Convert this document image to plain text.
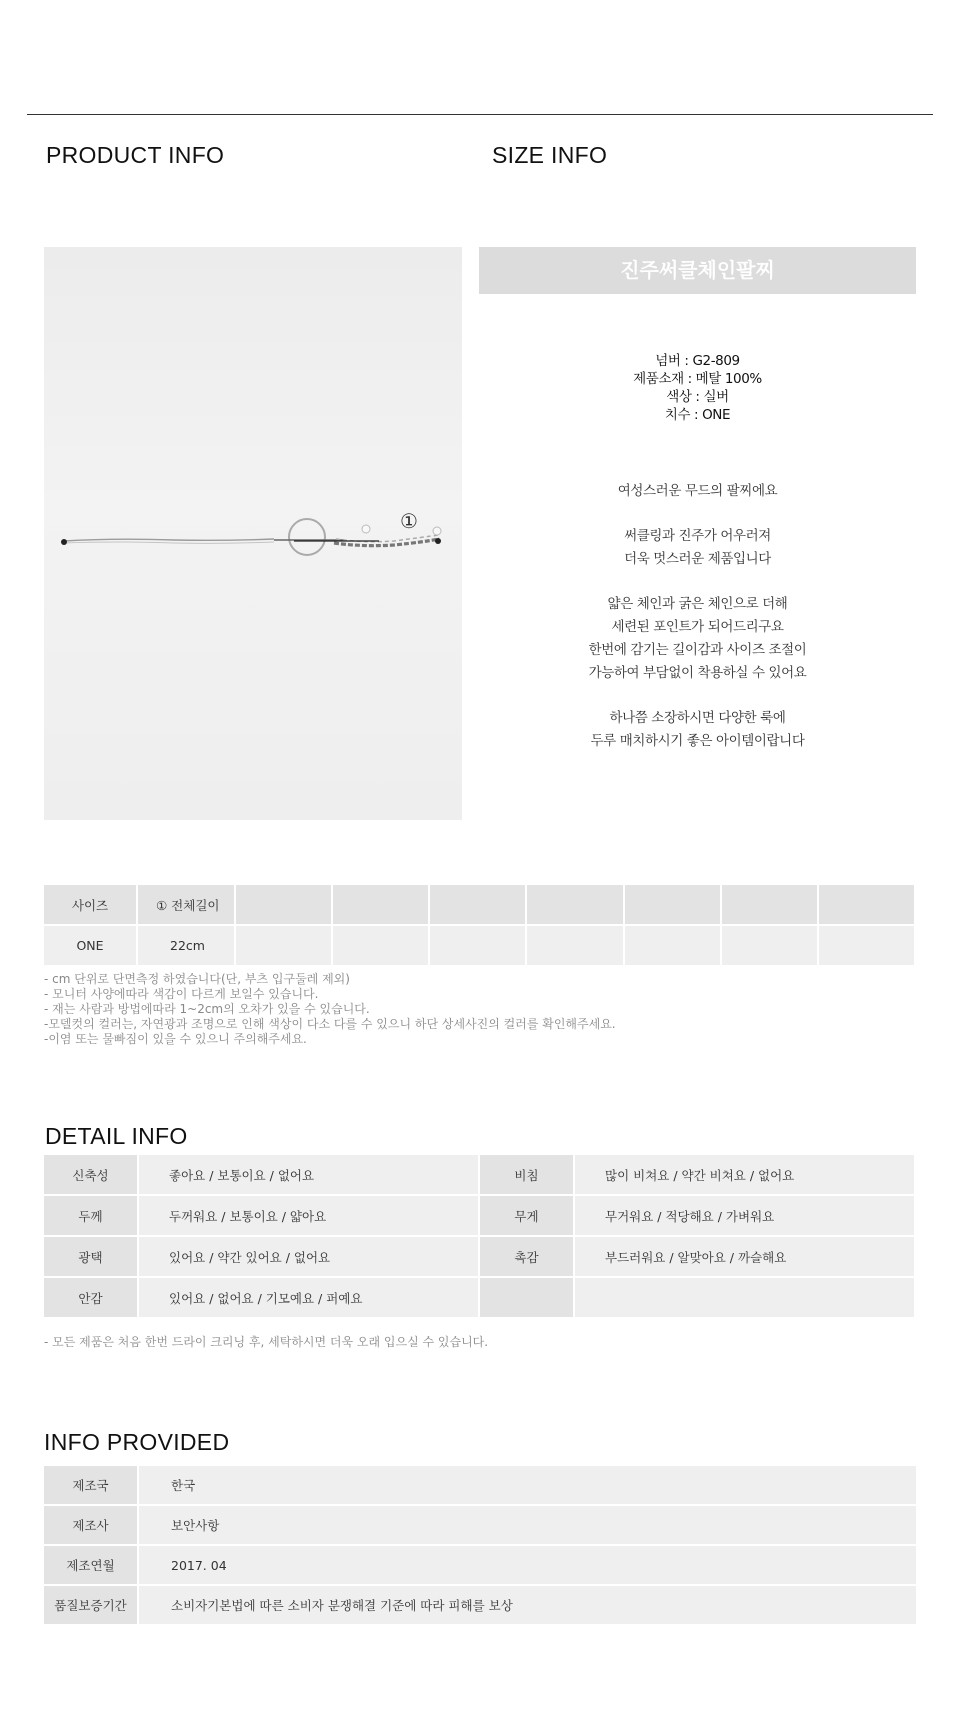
PRODUCT INFO	SIZE INFO
①
진주써클체인팔찌
넘버 : G2-809
제품소재 : 메탈 100%
색상 : 실버
치수 : ONE

여성스러운 무드의 팔찌에요

써클링과 진주가 어우러져
더욱 멋스러운 제품입니다

얇은 체인과 굵은 체인으로 더해
세련된 포인트가 되어드리구요
한번에 감기는 길이감과 사이즈 조절이
가능하여 부담없이 착용하실 수 있어요

하나쯤 소장하시면 다양한 룩에
두루 매치하시기 좋은 아이템이랍니다

사이즈	① 전체길이							
ONE	22cm							
- cm 단위로 단면측정 하였습니다(단, 부츠 입구둘레 제외)
- 모니터 사양에따라 색감이 다르게 보일수 있습니다.
- 재는 사람과 방법에따라 1~2cm의 오차가 있을 수 있습니다.
-모델컷의 컬러는, 자연광과 조명으로 인해 색상이 다소 다를 수 있으니 하단 상세사진의 컬러를 확인해주세요.
-이염 또는 물빠짐이 있을 수 있으니 주의해주세요.
DETAIL INFO
신축성	좋아요 / 보통이요 / 없어요	비침	많이 비쳐요 / 약간 비쳐요 / 없어요
두께	두꺼워요 / 보통이요 / 얇아요	무게	무거워요 / 적당해요 / 가벼워요
광택	있어요 / 약간 있어요 / 없어요	촉감	부드러워요 / 알맞아요 / 까슬해요
안감	있어요 / 없어요 / 기모예요 / 퍼예요		
- 모든 제품은 처음 한번 드라이 크리닝 후, 세탁하시면 더욱 오래 입으실 수 있습니다.
INFO PROVIDED
제조국	한국
제조사	보안사항
제조연월	2017. 04
품질보증기간	소비자기본법에 따른 소비자 분쟁해결 기준에 따라 피해를 보상
